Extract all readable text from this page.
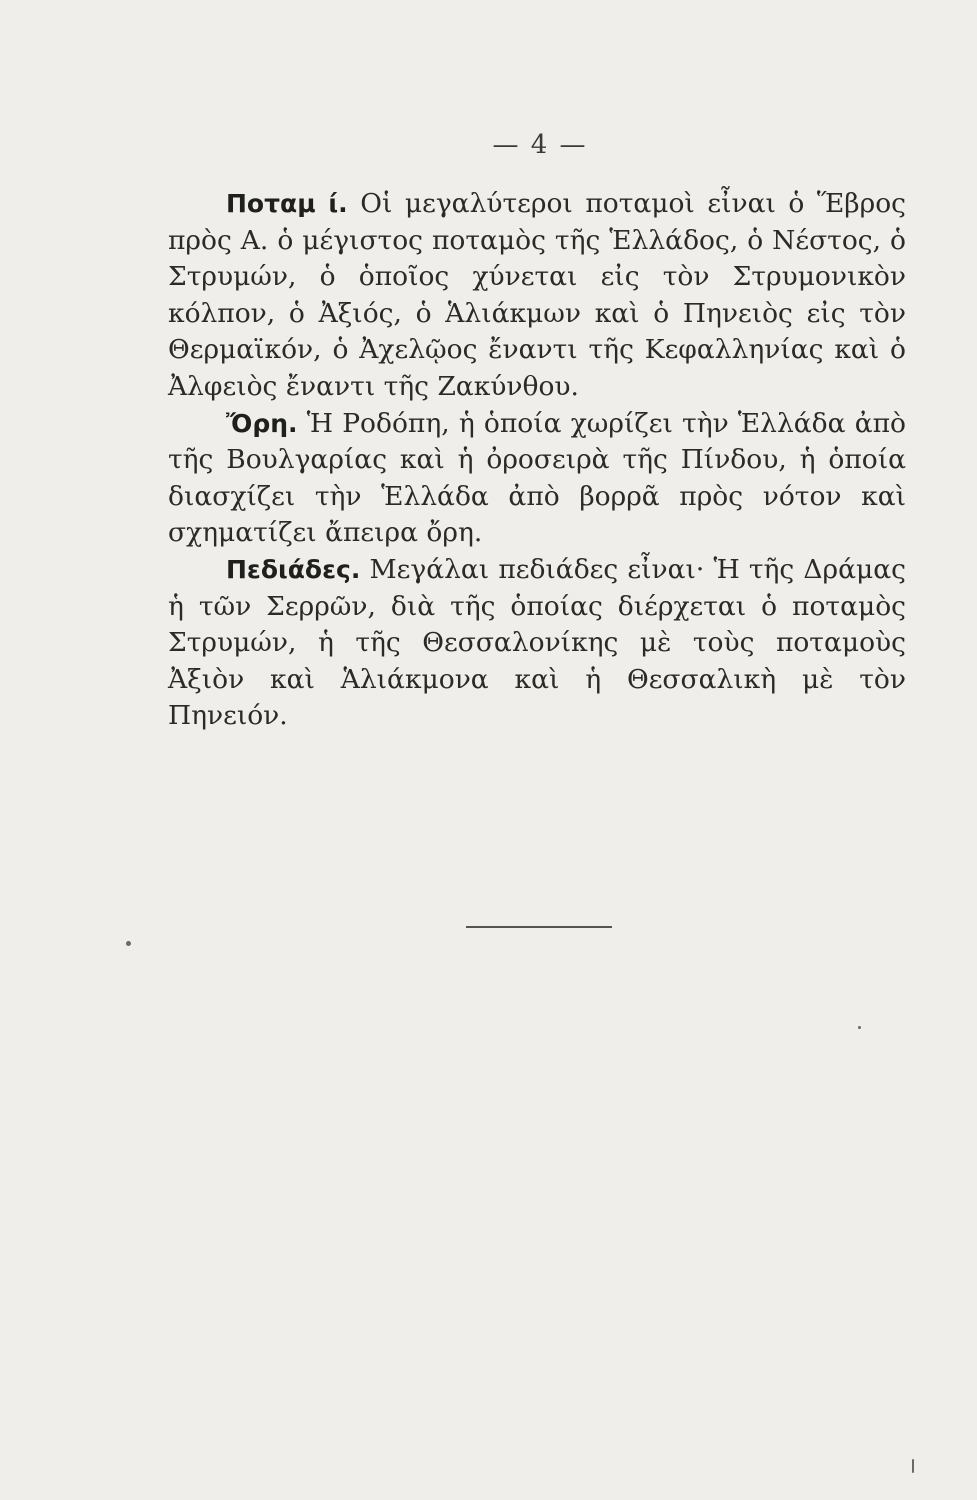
— 4 —

Ποταμ ί. Οἱ μεγαλύτεροι ποταμοὶ εἶναι ὁ Ἕβρος πρὸς Α. ὁ μέγιστος ποταμὸς τῆς Ἑλλάδος, ὁ Νέστος, ὁ Στρυμών, ὁ ὁποῖος χύνεται εἰς τὸν Στρυμονικὸν κόλπον, ὁ Ἀξιός, ὁ Ἁλιάκμων καὶ ὁ Πηνειὸς εἰς τὸν Θερμαϊκόν, ὁ Ἀχελῷος ἔναντι τῆς Κεφαλληνίας καὶ ὁ Ἀλφειὸς ἔναντι τῆς Ζακύνθου.

Ὄρη. Ἡ Ροδόπη, ἡ ὁποία χωρίζει τὴν Ἑλλάδα ἀπὸ τῆς Βουλγαρίας καὶ ἡ ὀροσειρὰ τῆς Πίνδου, ἡ ὁποία διασχίζει τὴν Ἑλλάδα ἀπὸ βορρᾶ πρὸς νότον καὶ σχηματίζει ἄπειρα ὄρη.

Πεδιάδες. Μεγάλαι πεδιάδες εἶναι· Ἡ τῆς Δράμας ἡ τῶν Σερρῶν, διὰ τῆς ὁποίας διέρχεται ὁ ποταμὸς Στρυμών, ἡ τῆς Θεσσαλονίκης μὲ τοὺς ποταμοὺς Ἀξιὸν καὶ Ἁλιάκμονα καὶ ἡ Θεσσαλικὴ μὲ τὸν Πηνειόν.
